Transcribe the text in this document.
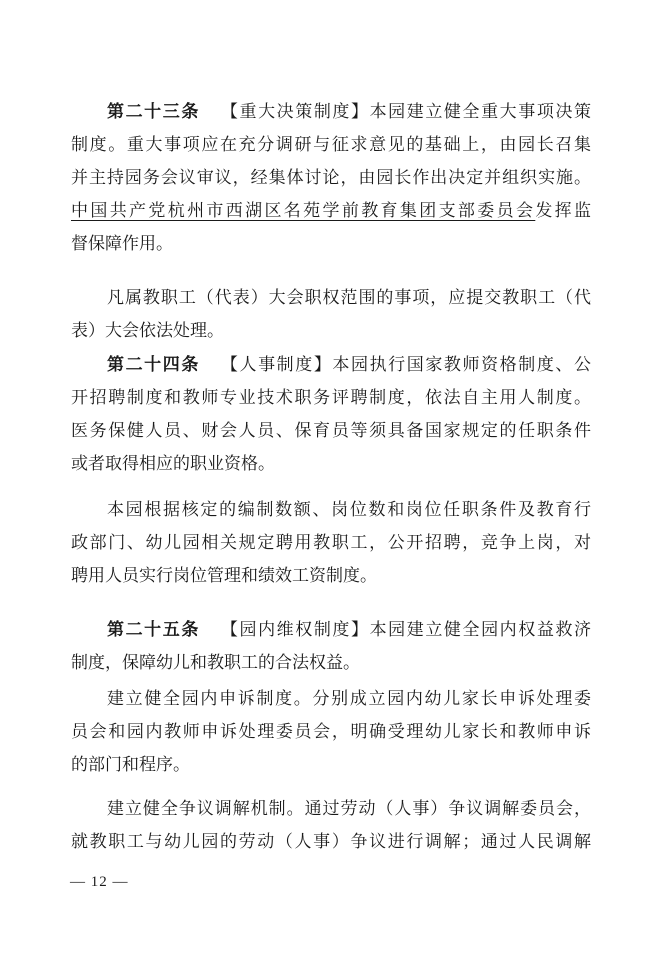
第二十三条 【重大决策制度】本园建立健全重大事项决策
制度。重大事项应在充分调研与征求意见的基础上，由园长召集
并主持园务会议审议，经集体讨论，由园长作出决定并组织实施。
中国共产党杭州市西湖区名苑学前教育集团支部委员会发挥监
督保障作用。
凡属教职工（代表）大会职权范围的事项，应提交教职工（代
表）大会依法处理。
第二十四条 【人事制度】本园执行国家教师资格制度、公
开招聘制度和教师专业技术职务评聘制度，依法自主用人制度。
医务保健人员、财会人员、保育员等须具备国家规定的任职条件
或者取得相应的职业资格。
本园根据核定的编制数额、岗位数和岗位任职条件及教育行
政部门、幼儿园相关规定聘用教职工，公开招聘，竞争上岗，对
聘用人员实行岗位管理和绩效工资制度。
第二十五条 【园内维权制度】本园建立健全园内权益救济
制度，保障幼儿和教职工的合法权益。
建立健全园内申诉制度。分别成立园内幼儿家长申诉处理委
员会和园内教师申诉处理委员会，明确受理幼儿家长和教师申诉
的部门和程序。
建立健全争议调解机制。通过劳动（人事）争议调解委员会，
就教职工与幼儿园的劳动（人事）争议进行调解；通过人民调解
— 12 —
